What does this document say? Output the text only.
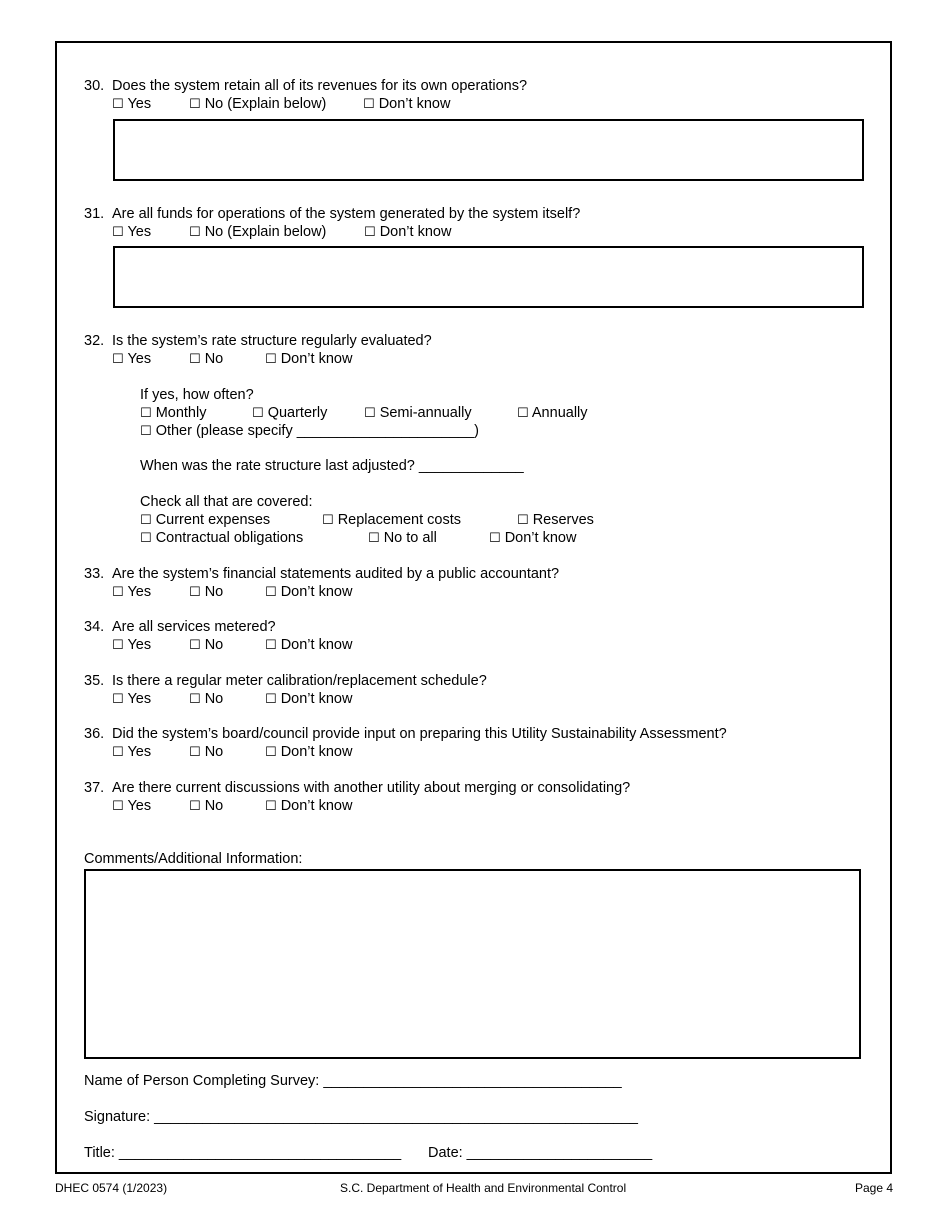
30. Does the system retain all of its revenues for its own operations?
☐ Yes	☐ No (Explain below)	☐ Don’t know
31. Are all funds for operations of the system generated by the system itself?
☐ Yes	☐ No (Explain below)	☐ Don’t know
32. Is the system’s rate structure regularly evaluated?
☐ Yes	☐ No	☐ Don’t know
If yes, how often?
☐ Monthly	☐ Quarterly	☐ Semi-annually	☐ Annually
☐ Other (please specify ______________________)
When was the rate structure last adjusted? _____________
Check all that are covered:
☐ Current expenses	☐ Replacement costs	☐ Reserves
☐ Contractual obligations	☐ No to all	☐ Don’t know
33. Are the system’s financial statements audited by a public accountant?
☐ Yes	☐ No	☐ Don’t know
34. Are all services metered?
☐ Yes	☐ No	☐ Don’t know
35. Is there a regular meter calibration/replacement schedule?
☐ Yes	☐ No	☐ Don’t know
36. Did the system’s board/council provide input on preparing this Utility Sustainability Assessment?
☐ Yes	☐ No	☐ Don’t know
37. Are there current discussions with another utility about merging or consolidating?
☐ Yes	☐ No	☐ Don’t know
Comments/Additional Information:
Name of Person Completing Survey: _____________________________________
Signature: ____________________________________________________________
Title: ___________________________________ Date: _______________________
DHEC 0574 (1/2023)	S.C. Department of Health and Environmental Control	Page 4
